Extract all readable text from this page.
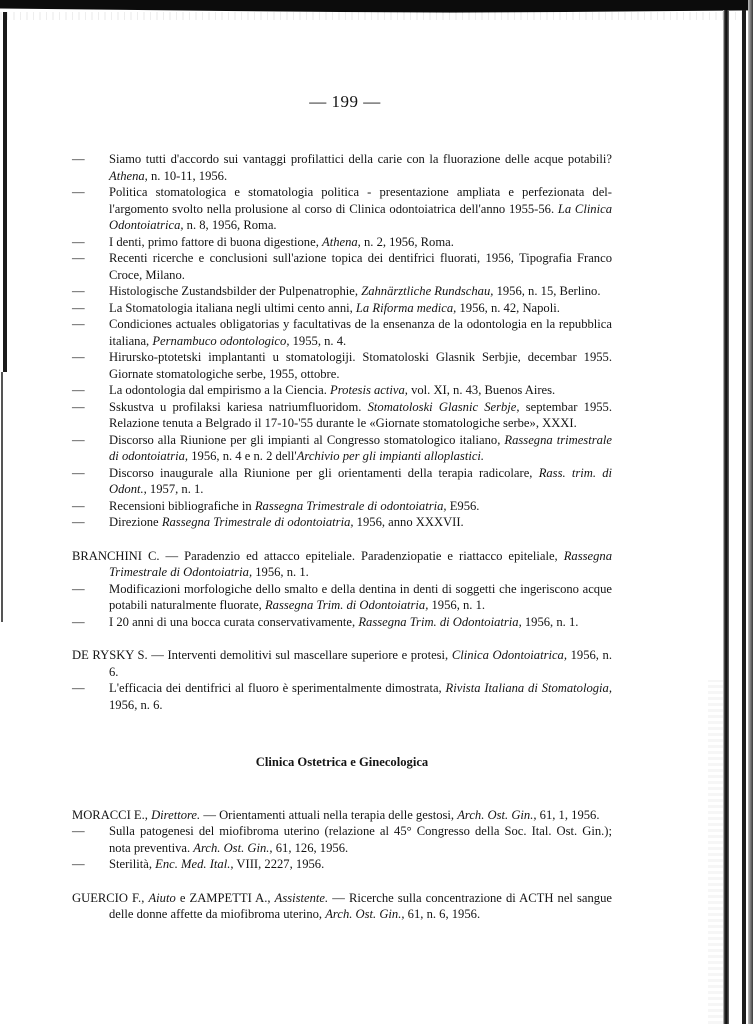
— 199 —
— Siamo tutti d'accordo sui vantaggi profilattici della carie con la fluorazione delle acque potabili? Athena, n. 10-11, 1956.
— Politica stomatologica e stomatologia politica - presentazione ampliata e perfezionata dell'argomento svolto nella prolusione al corso di Clinica odontoiatrica dell'anno 1955-56. La Clinica Odontoiatrica, n. 8, 1956, Roma.
— I denti, primo fattore di buona digestione, Athena, n. 2, 1956, Roma.
— Recenti ricerche e conclusioni sull'azione topica dei dentifrici fluorati, 1956, Tipografia Franco Croce, Milano.
— Histologische Zustandsbilder der Pulpenatrophie, Zahnärztliche Rundschau, 1956, n. 15, Berlino.
— La Stomatologia italiana negli ultimi cento anni, La Riforma medica, 1956, n. 42, Napoli.
— Condiciones actuales obligatorias y facultativas de la ensenanza de la odontologia en la repubblica italiana, Pernambuco odontologico, 1955, n. 4.
— Hirursko-ptotetski implantanti u stomatologiji. Stomatoloski Glasnik Serbjie, decembar 1955. Giornate stomatologiche serbe, 1955, ottobre.
— La odontologia dal empirismo a la Ciencia. Protesis activa, vol. XI, n. 43, Buenos Aires.
— Sskustva u profilaksi kariesa natriumfluoridom. Stomatoloski Glasnic Serbje, septembar 1955. Relazione tenuta a Belgrado il 17-10-'55 durante le «Giornate stomatologiche serbe», XXXI.
— Discorso alla Riunione per gli impianti al Congresso stomatologico italiano, Rassegna trimestrale di odontoiatria, 1956, n. 4 e n. 2 dell'Archivio per gli impianti alloplastici.
— Discorso inaugurale alla Riunione per gli orientamenti della terapia radicolare, Rass. trim. di Odont., 1957, n. 1.
— Recensioni bibliografiche in Rassegna Trimestrale di odontoiatria, E956.
— Direzione Rassegna Trimestrale di odontoiatria, 1956, anno XXXVII.
BRANCHINI C. — Paradenzio ed attacco epiteliale. Paradenziopatie e riattacco epiteliale, Rassegna Trimestrale di Odontoiatria, 1956, n. 1.
— Modificazioni morfologiche dello smalto e della dentina in denti di soggetti che ingeriscono acque potabili naturalmente fluorate, Rassegna Trim. di Odontoiatria, 1956, n. 1.
— I 20 anni di una bocca curata conservativamente, Rassegna Trim. di Odontoiatria, 1956, n. 1.
DE RYSKY S. — Interventi demolitivi sul mascellare superiore e protesi, Clinica Odontoiatrica, 1956, n. 6.
— L'efficacia dei dentifrici al fluoro è sperimentalmente dimostrata, Rivista Italiana di Stomatologia, 1956, n. 6.
Clinica Ostetrica e Ginecologica
MORACCI E., Direttore. — Orientamenti attuali nella terapia delle gestosi, Arch. Ost. Gin., 61, 1, 1956.
— Sulla patogenesi del miofibroma uterino (relazione al 45° Congresso della Soc. Ital. Ost. Gin.); nota preventiva. Arch. Ost. Gin., 61, 126, 1956.
— Sterilità, Enc. Med. Ital., VIII, 2227, 1956.
GUERCIO F., Aiuto e ZAMPETTI A., Assistente. — Ricerche sulla concentrazione di ACTH nel sangue delle donne affette da miofibroma uterino, Arch. Ost. Gin., 61, n. 6, 1956.
